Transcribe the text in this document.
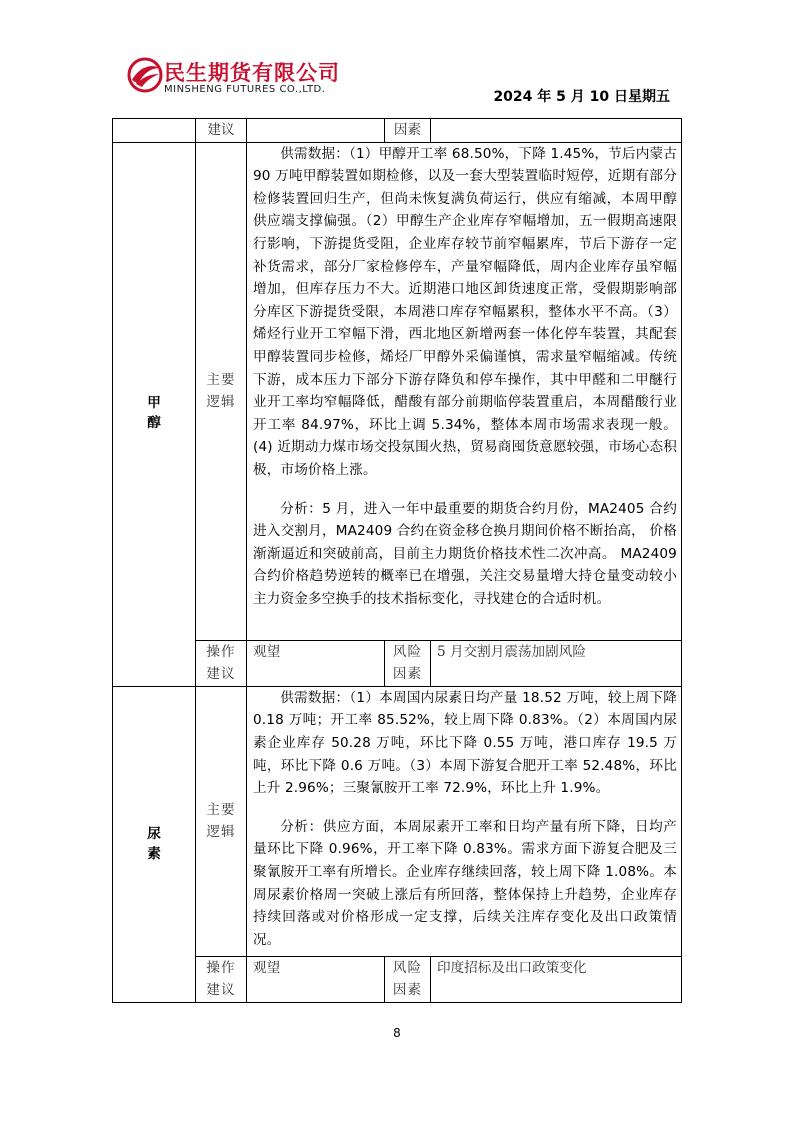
民生期货有限公司
MINSHENG FUTURES CO.,LTD.	2024 年 5 月 10 日星期五
	建议		因素	
甲醇	主要逻辑	供需数据：（1）甲醇开工率 68.50%，下降 1.45%，节后内蒙古 90 万吨甲醇装置如期检修，以及一套大型装置临时短停，近期有部分检修装置回归生产，但尚未恢复满负荷运行，供应有缩减，本周甲醇供应端支撑偏强。（2）甲醇生产企业库存窄幅增加，五一假期高速限行影响，下游提货受阻，企业库存较节前窄幅累库，节后下游存一定补货需求，部分厂家检修停车，产量窄幅降低，周内企业库存虽窄幅增加，但库存压力不大。近期港口地区卸货速度正常，受假期影响部分库区下游提货受限，本周港口库存窄幅累积，整体水平不高。（3）烯烃行业开工窄幅下滑，西北地区新增两套一体化停车装置，其配套甲醇装置同步检修，烯烃厂甲醇外采偏谨慎，需求量窄幅缩减。传统下游，成本压力下部分下游存降负和停车操作，其中甲醛和二甲醚行业开工率均窄幅降低，醋酸有部分前期临停装置重启，本周醋酸行业开工率 84.97%，环比上调 5.34%，整体本周市场需求表现一般。(4) 近期动力煤市场交投氛围火热，贸易商囤货意愿较强，市场心态积极，市场价格上涨。

分析：5 月，进入一年中最重要的期货合约月份，MA2405 合约进入交割月，MA2409 合约在资金移仓换月期间价格不断抬高， 价格渐渐逼近和突破前高，目前主力期货价格技术性二次冲高。 MA2409 合约价格趋势逆转的概率已在增强，关注交易量增大持仓量变动较小主力资金多空换手的技术指标变化，寻找建仓的合适时机。		

	操作建议	观望	风险因素	5 月交割月震荡加剧风险
尿素	主要逻辑	供需数据：（1）本周国内尿素日均产量 18.52 万吨，较上周下降 0.18 万吨；开工率 85.52%，较上周下降 0.83%。（2）本周国内尿素企业库存 50.28 万吨，环比下降 0.55 万吨，港口库存 19.5 万吨，环比下降 0.6 万吨。（3）本周下游复合肥开工率 52.48%，环比上升 2.96%；三聚氰胺开工率 72.9%，环比上升 1.9%。

分析：供应方面，本周尿素开工率和日均产量有所下降，日均产量环比下降 0.96%，开工率下降 0.83%。需求方面下游复合肥及三聚氰胺开工率有所增长。企业库存继续回落，较上周下降 1.08%。本周尿素价格周一突破上涨后有所回落，整体保持上升趋势，企业库存持续回落或对价格形成一定支撑，后续关注库存变化及出口政策情况。		

	操作建议	观望	风险因素	印度招标及出口政策变化
8
